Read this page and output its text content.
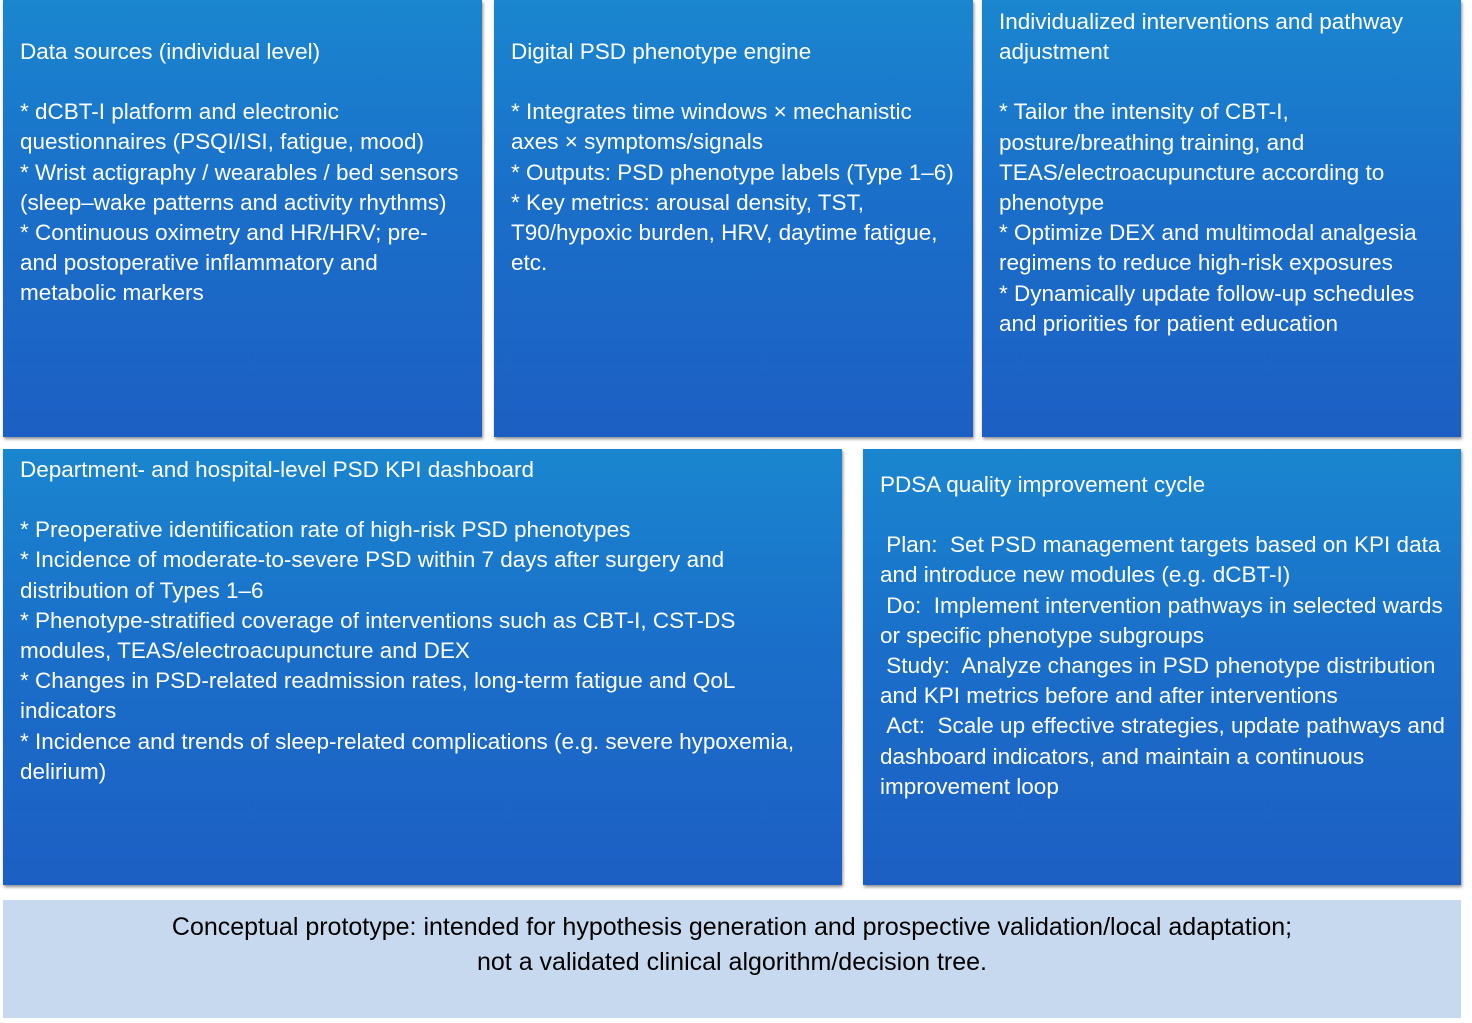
Data sources (individual level)

* dCBT-I platform and electronic questionnaires (PSQI/ISI, fatigue, mood)

* Wrist actigraphy / wearables / bed sensors (sleep–wake patterns and activity rhythms)

* Continuous oximetry and HR/HRV; pre- and postoperative inflammatory and metabolic markers

Digital PSD phenotype engine

* Integrates time windows × mechanistic axes × symptoms/signals

* Outputs: PSD phenotype labels (Type 1–6)

* Key metrics: arousal density, TST, T90/hypoxic burden, HRV, daytime fatigue, etc.

Individualized interventions and pathway adjustment

* Tailor the intensity of CBT-I, posture/breathing training, and TEAS/electroacupuncture according to phenotype

* Optimize DEX and multimodal analgesia regimens to reduce high-risk exposures

* Dynamically update follow-up schedules and priorities for patient education

Department- and hospital-level PSD KPI dashboard

* Preoperative identification rate of high-risk PSD phenotypes

* Incidence of moderate-to-severe PSD within 7 days after surgery and distribution of Types 1–6

* Phenotype-stratified coverage of interventions such as CBT-I, CST-DS modules, TEAS/electroacupuncture and DEX

* Changes in PSD-related readmission rates, long-term fatigue and QoL indicators

* Incidence and trends of sleep-related complications (e.g. severe hypoxemia, delirium)

PDSA quality improvement cycle

Plan:  Set PSD management targets based on KPI data and introduce new modules (e.g. dCBT-I)

Do:  Implement intervention pathways in selected wards or specific phenotype subgroups

Study:  Analyze changes in PSD phenotype distribution and KPI metrics before and after interventions

Act:  Scale up effective strategies, update pathways and dashboard indicators, and maintain a continuous improvement loop

Conceptual prototype: intended for hypothesis generation and prospective validation/local adaptation;

not a validated clinical algorithm/decision tree.
